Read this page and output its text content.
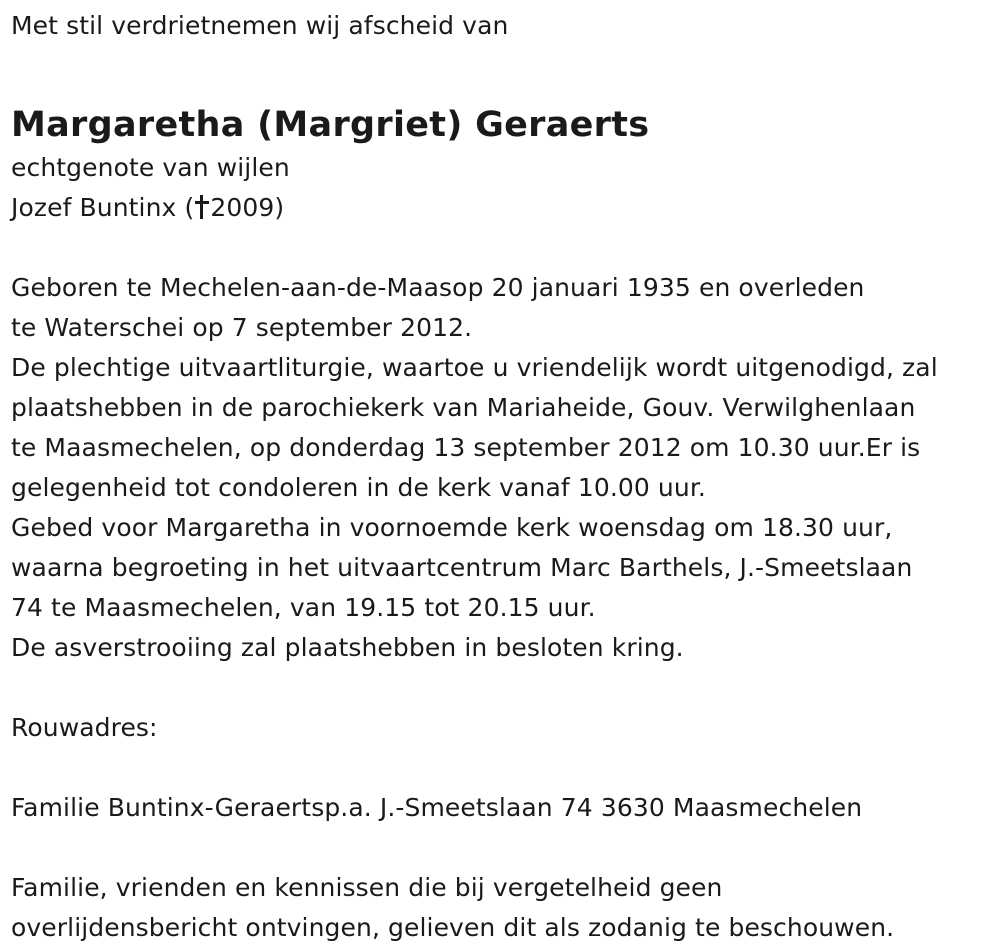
Met stil verdrietnemen wij afscheid van

Margaretha (Margriet) Geraerts

echtgenote van wijlen

Jozef Buntinx ( 2009)

Geboren te Mechelen-aan-de-Maasop 20 januari 1935 en overleden

te Waterschei op 7 september 2012.

De plechtige uitvaartliturgie, waartoe u vriendelijk wordt uitgenodigd, zal

plaatshebben in de parochiekerk van Mariaheide, Gouv. Verwilghenlaan

te Maasmechelen, op donderdag 13 september 2012 om 10.30 uur.Er is

gelegenheid tot condoleren in de kerk vanaf 10.00 uur.

Gebed voor Margaretha in voornoemde kerk woensdag om 18.30 uur,

waarna begroeting in het uitvaartcentrum Marc Barthels, J.-Smeetslaan

74 te Maasmechelen, van 19.15 tot 20.15 uur.

De asverstrooiing zal plaatshebben in besloten kring.

Rouwadres:

Familie Buntinx-Geraertsp.a. J.-Smeetslaan 74 3630 Maasmechelen

Familie, vrienden en kennissen die bij vergetelheid geen

overlijdensbericht ontvingen, gelieven dit als zodanig te beschouwen.
